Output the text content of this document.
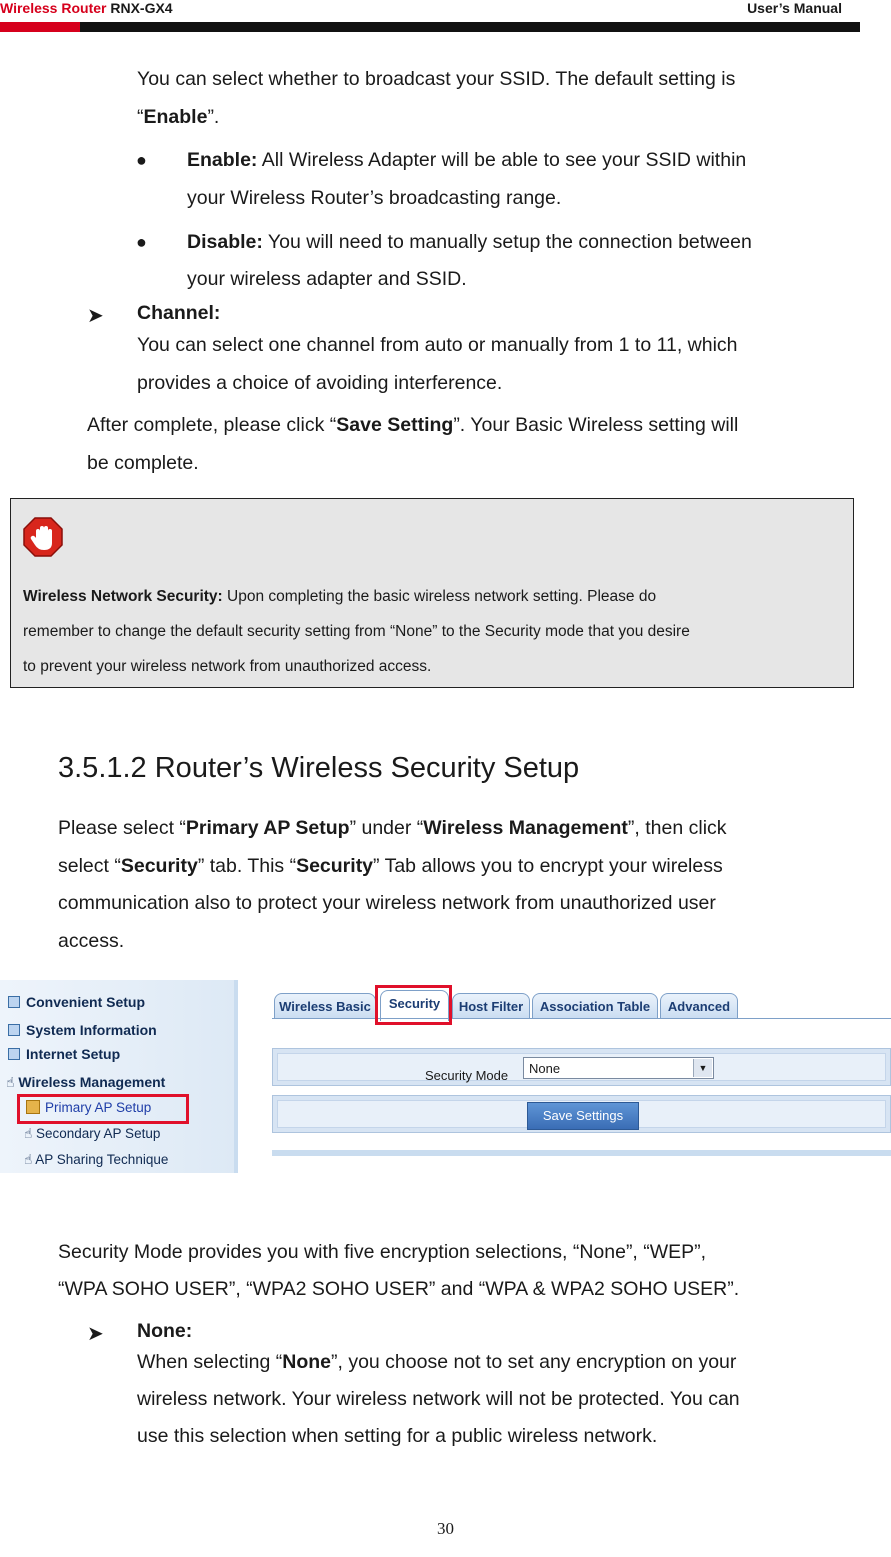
Wireless Router RNX-GX4	User’s Manual
You can select whether to broadcast your SSID. The default setting is
“Enable”.
● Enable: All Wireless Adapter will be able to see your SSID within
your Wireless Router’s broadcasting range.
● Disable: You will need to manually setup the connection between
your wireless adapter and SSID.
➤ Channel:
You can select one channel from auto or manually from 1 to 11, which
provides a choice of avoiding interference.
After complete, please click “Save Setting”. Your Basic Wireless setting will
be complete.
Wireless Network Security: Upon completing the basic wireless network setting. Please do
remember to change the default security setting from “None” to the Security mode that you desire
to prevent your wireless network from unauthorized access.
3.5.1.2 Router’s Wireless Security Setup
Please select “Primary AP Setup” under “Wireless Management”, then click
select “Security” tab. This “Security” Tab allows you to encrypt your wireless
communication also to protect your wireless network from unauthorized user
access.
Convenient Setup
System Information
Internet Setup
☝ Wireless Management
Primary AP Setup
☝ Secondary AP Setup
☝ AP Sharing Technique
Wireless Basic	Security	Host Filter	Association Table	Advanced
Security Mode	None	▼
Save Settings
Security Mode provides you with five encryption selections, “None”, “WEP”,
“WPA SOHO USER”, “WPA2 SOHO USER” and “WPA & WPA2 SOHO USER”.
➤ None:
When selecting “None”, you choose not to set any encryption on your
wireless network. Your wireless network will not be protected. You can
use this selection when setting for a public wireless network.
30
